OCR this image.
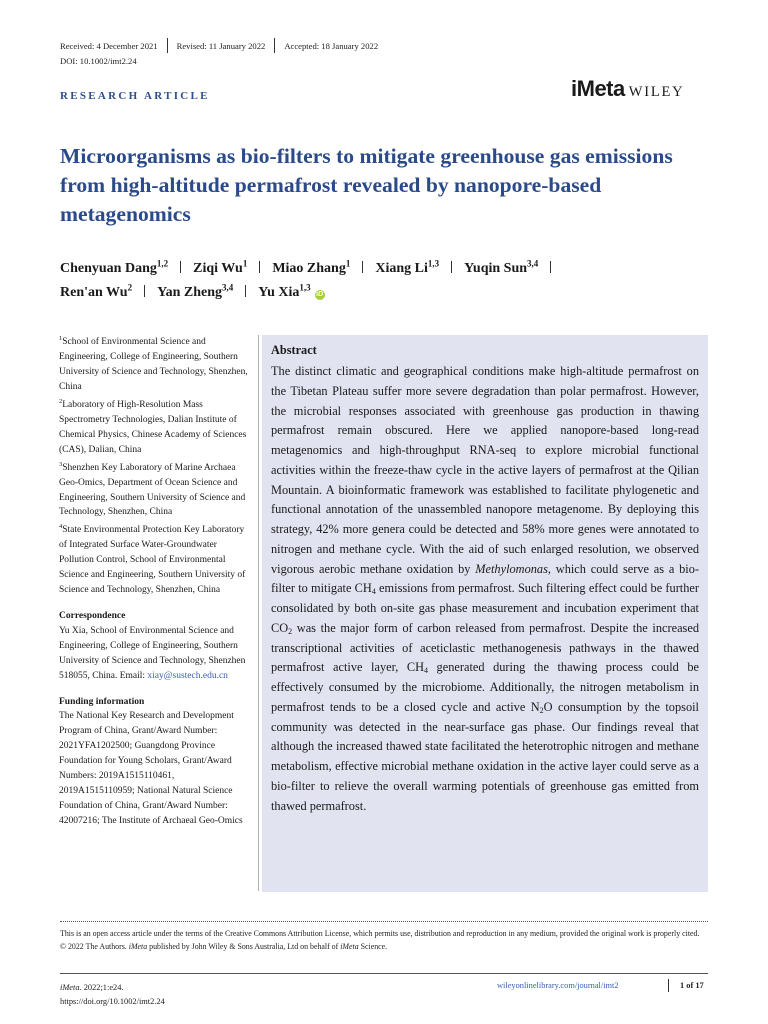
Received: 4 December 2021 Revised: 11 January 2022 Accepted: 18 January 2022
DOI: 10.1002/imt2.24
RESEARCH ARTICLE	iMeta WILEY
Microorganisms as bio-filters to mitigate greenhouse gas emissions from high-altitude permafrost revealed by nanopore-based metagenomics
Chenyuan Dang$^{1,2}$ Ziqi Wu$^1$ Miao Zhang$^1$ Xiang Li$^{1,3}$ Yuqin Sun$^{3,4}$
Ren'an Wu$^2$ Yan Zheng$^{3,4}$ Yu Xia$^{1,3}$iD
$^1$School of Environmental Science and Engineering, College of Engineering, Southern University of Science and Technology, Shenzhen, China
$^2$Laboratory of High-Resolution Mass Spectrometry Technologies, Dalian Institute of Chemical Physics, Chinese Academy of Sciences (CAS), Dalian, China
$^3$Shenzhen Key Laboratory of Marine Archaea Geo-Omics, Department of Ocean Science and Engineering, Southern University of Science and Technology, Shenzhen, China
$^4$State Environmental Protection Key Laboratory of Integrated Surface Water-Groundwater Pollution Control, School of Environmental Science and Engineering, Southern University of Science and Technology, Shenzhen, China
Correspondence
Yu Xia, School of Environmental Science and Engineering, College of Engineering, Southern University of Science and Technology, Shenzhen 518055, China. Email: xiay@sustech.edu.cn
Funding information
The National Key Research and Development Program of China, Grant/Award Number: 2021YFA1202500; Guangdong Province Foundation for Young Scholars, Grant/Award Numbers: 2019A1515110461, 2019A1515110959; National Natural Science Foundation of China, Grant/Award Number: 42007216; The Institute of Archaeal Geo-Omics
Abstract

The distinct climatic and geographical conditions make high-altitude permafrost on the Tibetan Plateau suffer more severe degradation than polar permafrost. However, the microbial responses associated with greenhouse gas production in thawing permafrost remain obscured. Here we applied nanopore-based long-read metagenomics and high-throughput RNA-seq to explore microbial functional activities within the freeze-thaw cycle in the active layers of permafrost at the Qilian Mountain. A bioinformatic framework was established to facilitate phylogenetic and functional annotation of the unassembled nanopore metagenome. By deploying this strategy, 42% more genera could be detected and 58% more genes were annotated to nitrogen and methane cycle. With the aid of such enlarged resolution, we observed vigorous aerobic methane oxidation by Methylomonas, which could serve as a bio-filter to mitigate $CH_4$ emissions from permafrost. Such filtering effect could be further consolidated by both on-site gas phase measurement and incubation experiment that $CO_2$ was the major form of carbon released from permafrost. Despite the increased transcriptional activities of aceticlastic methanogenesis pathways in the thawed permafrost active layer, $CH_4$ generated during the thawing process could be effectively consumed by the microbiome. Additionally, the nitrogen metabolism in permafrost tends to be a closed cycle and active $N_2O$ consumption by the topsoil community was detected in the near-surface gas phase. Our findings reveal that although the increased thawed state facilitated the heterotrophic nitrogen and methane metabolism, effective microbial methane oxidation in the active layer could serve as a bio-filter to relieve the overall warming potentials of greenhouse gas emitted from thawed permafrost.

This is an open access article under the terms of the Creative Commons Attribution License, which permits use, distribution and reproduction in any medium, provided the original work is properly cited.
© 2022 The Authors. iMeta published by John Wiley & Sons Australia, Ltd on behalf of iMeta Science.
iMeta. 2022;1:e24.
https://doi.org/10.1002/imt2.24
wileyonlinelibrary.com/journal/imt2	1 of 17
